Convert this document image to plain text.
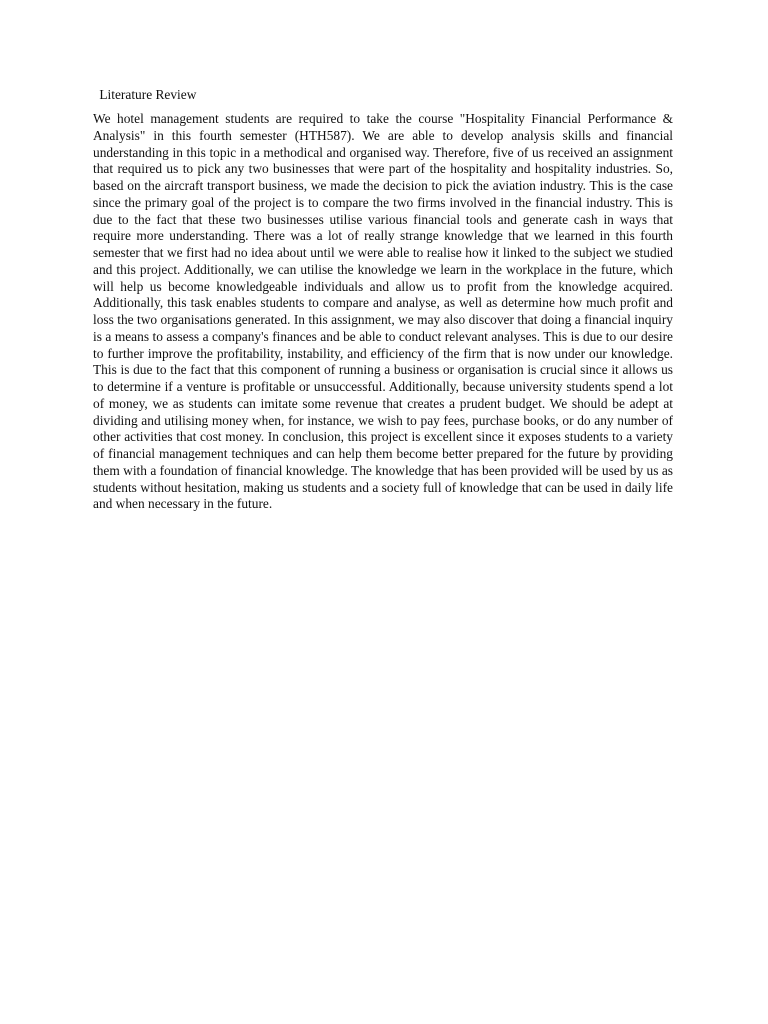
Literature Review

We hotel management students are required to take the course "Hospitality Financial Performance & Analysis" in this fourth semester (HTH587). We are able to develop analysis skills and financial understanding in this topic in a methodical and organised way. Therefore, five of us received an assignment that required us to pick any two businesses that were part of the hospitality and hospitality industries. So, based on the aircraft transport business, we made the decision to pick the aviation industry. This is the case since the primary goal of the project is to compare the two firms involved in the financial industry. This is due to the fact that these two businesses utilise various financial tools and generate cash in ways that require more understanding. There was a lot of really strange knowledge that we learned in this fourth semester that we first had no idea about until we were able to realise how it linked to the subject we studied and this project. Additionally, we can utilise the knowledge we learn in the workplace in the future, which will help us become knowledgeable individuals and allow us to profit from the knowledge acquired. Additionally, this task enables students to compare and analyse, as well as determine how much profit and loss the two organisations generated. In this assignment, we may also discover that doing a financial inquiry is a means to assess a company's finances and be able to conduct relevant analyses. This is due to our desire to further improve the profitability, instability, and efficiency of the firm that is now under our knowledge. This is due to the fact that this component of running a business or organisation is crucial since it allows us to determine if a venture is profitable or unsuccessful. Additionally, because university students spend a lot of money, we as students can imitate some revenue that creates a prudent budget. We should be adept at dividing and utilising money when, for instance, we wish to pay fees, purchase books, or do any number of other activities that cost money. In conclusion, this project is excellent since it exposes students to a variety of financial management techniques and can help them become better prepared for the future by providing them with a foundation of financial knowledge. The knowledge that has been provided will be used by us as students without hesitation, making us students and a society full of knowledge that can be used in daily life and when necessary in the future.
